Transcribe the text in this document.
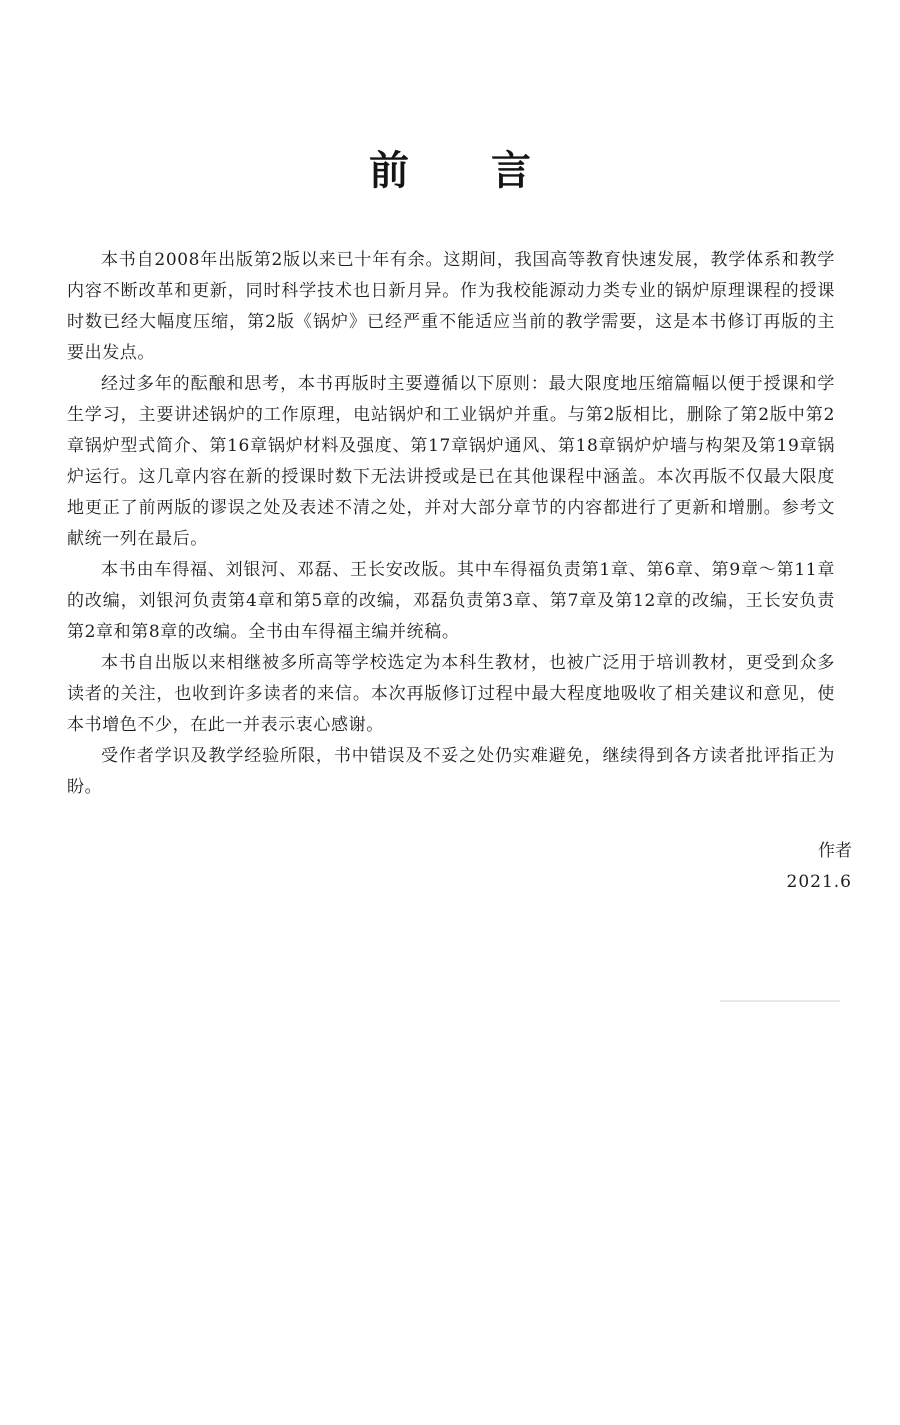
前 言

本书自2008年出版第2版以来已十年有余。这期间，我国高等教育快速发展，教学体系和教学内容不断改革和更新，同时科学技术也日新月异。作为我校能源动力类专业的锅炉原理课程的授课时数已经大幅度压缩，第2版《锅炉》已经严重不能适应当前的教学需要，这是本书修订再版的主要出发点。

经过多年的酝酿和思考，本书再版时主要遵循以下原则：最大限度地压缩篇幅以便于授课和学生学习，主要讲述锅炉的工作原理，电站锅炉和工业锅炉并重。与第2版相比，删除了第2版中第2章锅炉型式简介、第16章锅炉材料及强度、第17章锅炉通风、第18章锅炉炉墙与构架及第19章锅炉运行。这几章内容在新的授课时数下无法讲授或是已在其他课程中涵盖。本次再版不仅最大限度地更正了前两版的谬误之处及表述不清之处，并对大部分章节的内容都进行了更新和增删。参考文献统一列在最后。

本书由车得福、刘银河、邓磊、王长安改版。其中车得福负责第1章、第6章、第9章～第11章的改编，刘银河负责第4章和第5章的改编，邓磊负责第3章、第7章及第12章的改编，王长安负责第2章和第8章的改编。全书由车得福主编并统稿。

本书自出版以来相继被多所高等学校选定为本科生教材，也被广泛用于培训教材，更受到众多读者的关注，也收到许多读者的来信。本次再版修订过程中最大程度地吸收了相关建议和意见，使本书增色不少，在此一并表示衷心感谢。

受作者学识及教学经验所限，书中错误及不妥之处仍实难避免，继续得到各方读者批评指正为盼。

作者
2021.6
